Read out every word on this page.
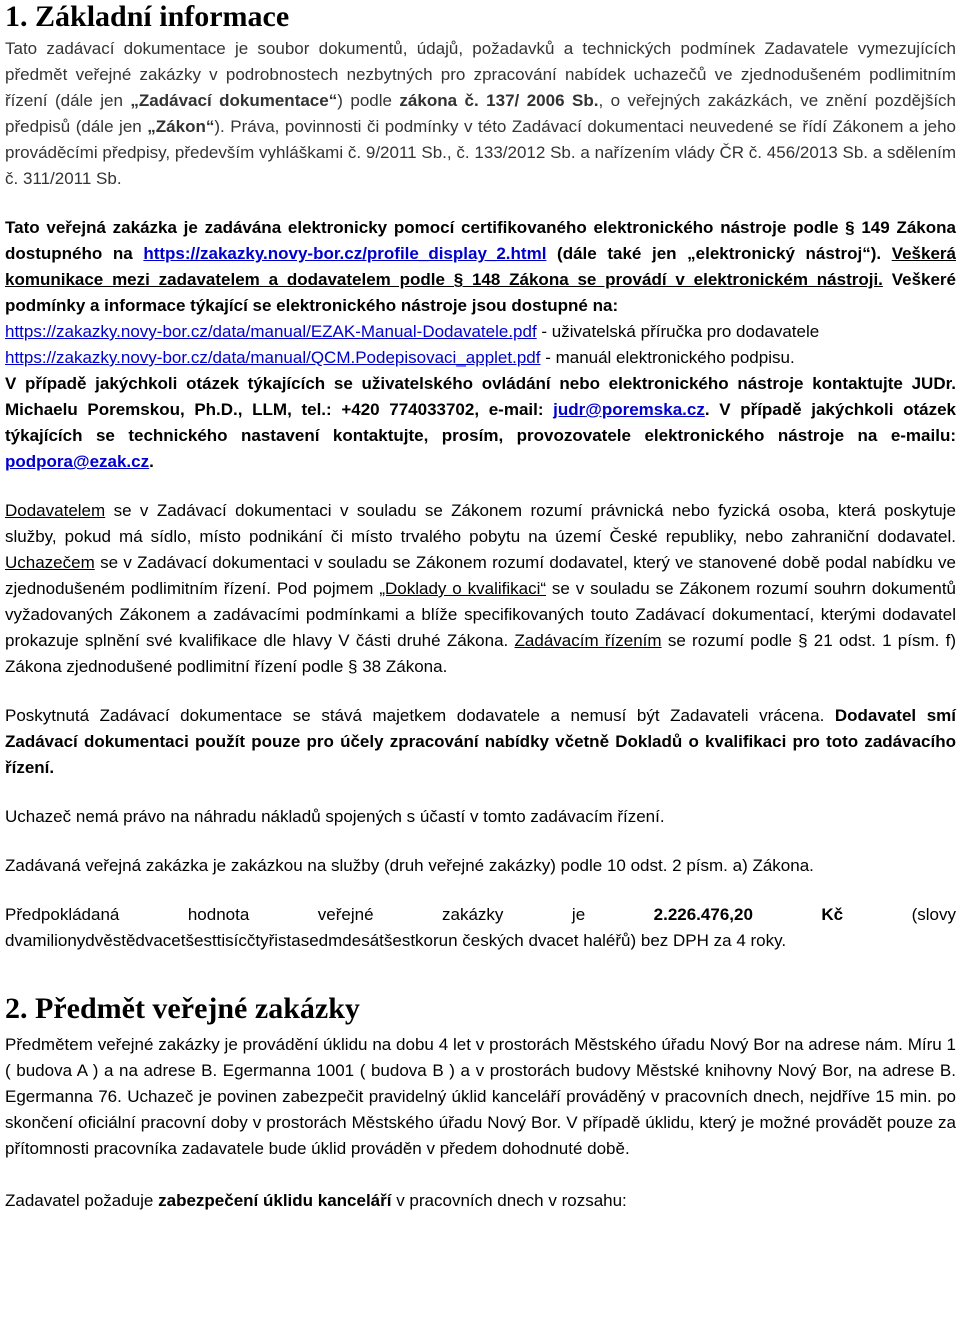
1. Základní informace

Tato zadávací dokumentace je soubor dokumentů, údajů, požadavků a technických podmínek Zadavatele vymezujících předmět veřejné zakázky v podrobnostech nezbytných pro zpracování nabídek uchazečů ve zjednodušeném podlimitním řízení (dále jen „Zadávací dokumentace“) podle zákona č. 137/ 2006 Sb., o veřejných zakázkách, ve znění pozdějších předpisů (dále jen „Zákon“). Práva, povinnosti či podmínky v této Zadávací dokumentaci neuvedené se řídí Zákonem a jeho prováděcími předpisy, především vyhláškami č. 9/2011 Sb., č. 133/2012 Sb. a nařízením vlády ČR č. 456/2013 Sb. a sdělením č. 311/2011 Sb.

Tato veřejná zakázka je zadávána elektronicky pomocí certifikovaného elektronického nástroje podle § 149 Zákona dostupného na https://zakazky.novy-bor.cz/profile_display_2.html (dále také jen „elektronický nástroj“). Veškerá komunikace mezi zadavatelem a dodavatelem podle § 148 Zákona se provádí v elektronickém nástroji. Veškeré podmínky a informace týkající se elektronického nástroje jsou dostupné na:
https://zakazky.novy-bor.cz/data/manual/EZAK-Manual-Dodavatele.pdf - uživatelská příručka pro dodavatele
https://zakazky.novy-bor.cz/data/manual/QCM.Podepisovaci_applet.pdf - manuál elektronického podpisu.
V případě jakýchkoli otázek týkajících se uživatelského ovládání nebo elektronického nástroje kontaktujte JUDr. Michaelu Poremskou, Ph.D., LLM, tel.: +420 774033702, e-mail: judr@poremska.cz. V případě jakýchkoli otázek týkajících se technického nastavení kontaktujte, prosím, provozovatele elektronického nástroje na e-mailu: podpora@ezak.cz.

Dodavatelem se v Zadávací dokumentaci v souladu se Zákonem rozumí právnická nebo fyzická osoba, která poskytuje služby, pokud má sídlo, místo podnikání či místo trvalého pobytu na území České republiky, nebo zahraniční dodavatel. Uchazečem se v Zadávací dokumentaci v souladu se Zákonem rozumí dodavatel, který ve stanovené době podal nabídku ve zjednodušeném podlimitním řízení. Pod pojmem „Doklady o kvalifikaci“ se v souladu se Zákonem rozumí souhrn dokumentů vyžadovaných Zákonem a zadávacími podmínkami a blíže specifikovaných touto Zadávací dokumentací, kterými dodavatel prokazuje splnění své kvalifikace dle hlavy V části druhé Zákona. Zadávacím řízením se rozumí podle § 21 odst. 1 písm. f) Zákona zjednodušené podlimitní řízení podle § 38 Zákona.

Poskytnutá Zadávací dokumentace se stává majetkem dodavatele a nemusí být Zadavateli vrácena. Dodavatel smí Zadávací dokumentaci použít pouze pro účely zpracování nabídky včetně Dokladů o kvalifikaci pro toto zadávacího řízení.

Uchazeč nemá právo na náhradu nákladů spojených s účastí v tomto zadávacím řízení.

Zadávaná veřejná zakázka je zakázkou na služby (druh veřejné zakázky) podle 10 odst. 2 písm. a) Zákona.

Předpokládaná hodnota veřejné zakázky je 2.226.476,20 Kč (slovy dvamilionydvěstědvacetšesttisícčtyřistasedmdesátšestkorun českých dvacet haléřů) bez DPH za 4 roky.

2. Předmět veřejné zakázky

Předmětem veřejné zakázky je provádění úklidu na dobu 4 let v prostorách Městského úřadu Nový Bor na adrese nám. Míru 1 ( budova A ) a na adrese B. Egermanna 1001 ( budova B ) a v prostorách budovy Městské knihovny Nový Bor, na adrese B. Egermanna 76. Uchazeč je povinen zabezpečit pravidelný úklid kanceláří prováděný v pracovních dnech, nejdříve 15 min. po skončení oficiální pracovní doby v prostorách Městského úřadu Nový Bor. V případě úklidu, který je možné provádět pouze za přítomnosti pracovníka zadavatele bude úklid prováděn v předem dohodnuté době.

Zadavatel požaduje zabezpečení úklidu kanceláří v pracovních dnech v rozsahu:
